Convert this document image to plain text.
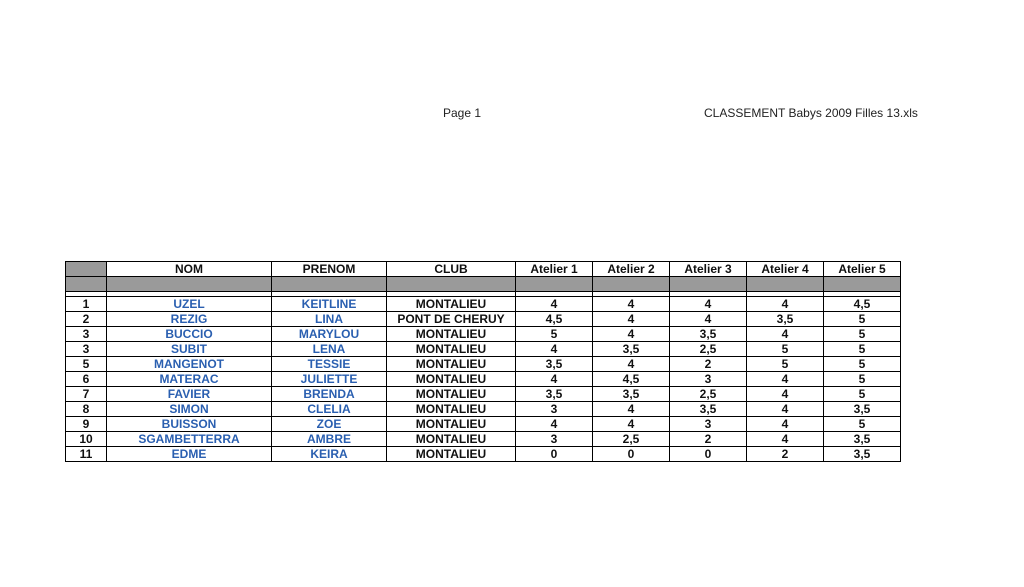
Page 1	CLASSEMENT Babys 2009 Filles 13.xls
	NOM	PRENOM	CLUB	Atelier 1	Atelier 2	Atelier 3	Atelier 4	Atelier 5

1	UZEL	KEITLINE	MONTALIEU	4	4	4	4	4,5
2	REZIG	LINA	PONT DE CHERUY	4,5	4	4	3,5	5
3	BUCCIO	MARYLOU	MONTALIEU	5	4	3,5	4	5
3	SUBIT	LENA	MONTALIEU	4	3,5	2,5	5	5
5	MANGENOT	TESSIE	MONTALIEU	3,5	4	2	5	5
6	MATERAC	JULIETTE	MONTALIEU	4	4,5	3	4	5
7	FAVIER	BRENDA	MONTALIEU	3,5	3,5	2,5	4	5
8	SIMON	CLELIA	MONTALIEU	3	4	3,5	4	3,5
9	BUISSON	ZOE	MONTALIEU	4	4	3	4	5
10	SGAMBETTERRA	AMBRE	MONTALIEU	3	2,5	2	4	3,5
11	EDME	KEIRA	MONTALIEU	0	0	0	2	3,5
